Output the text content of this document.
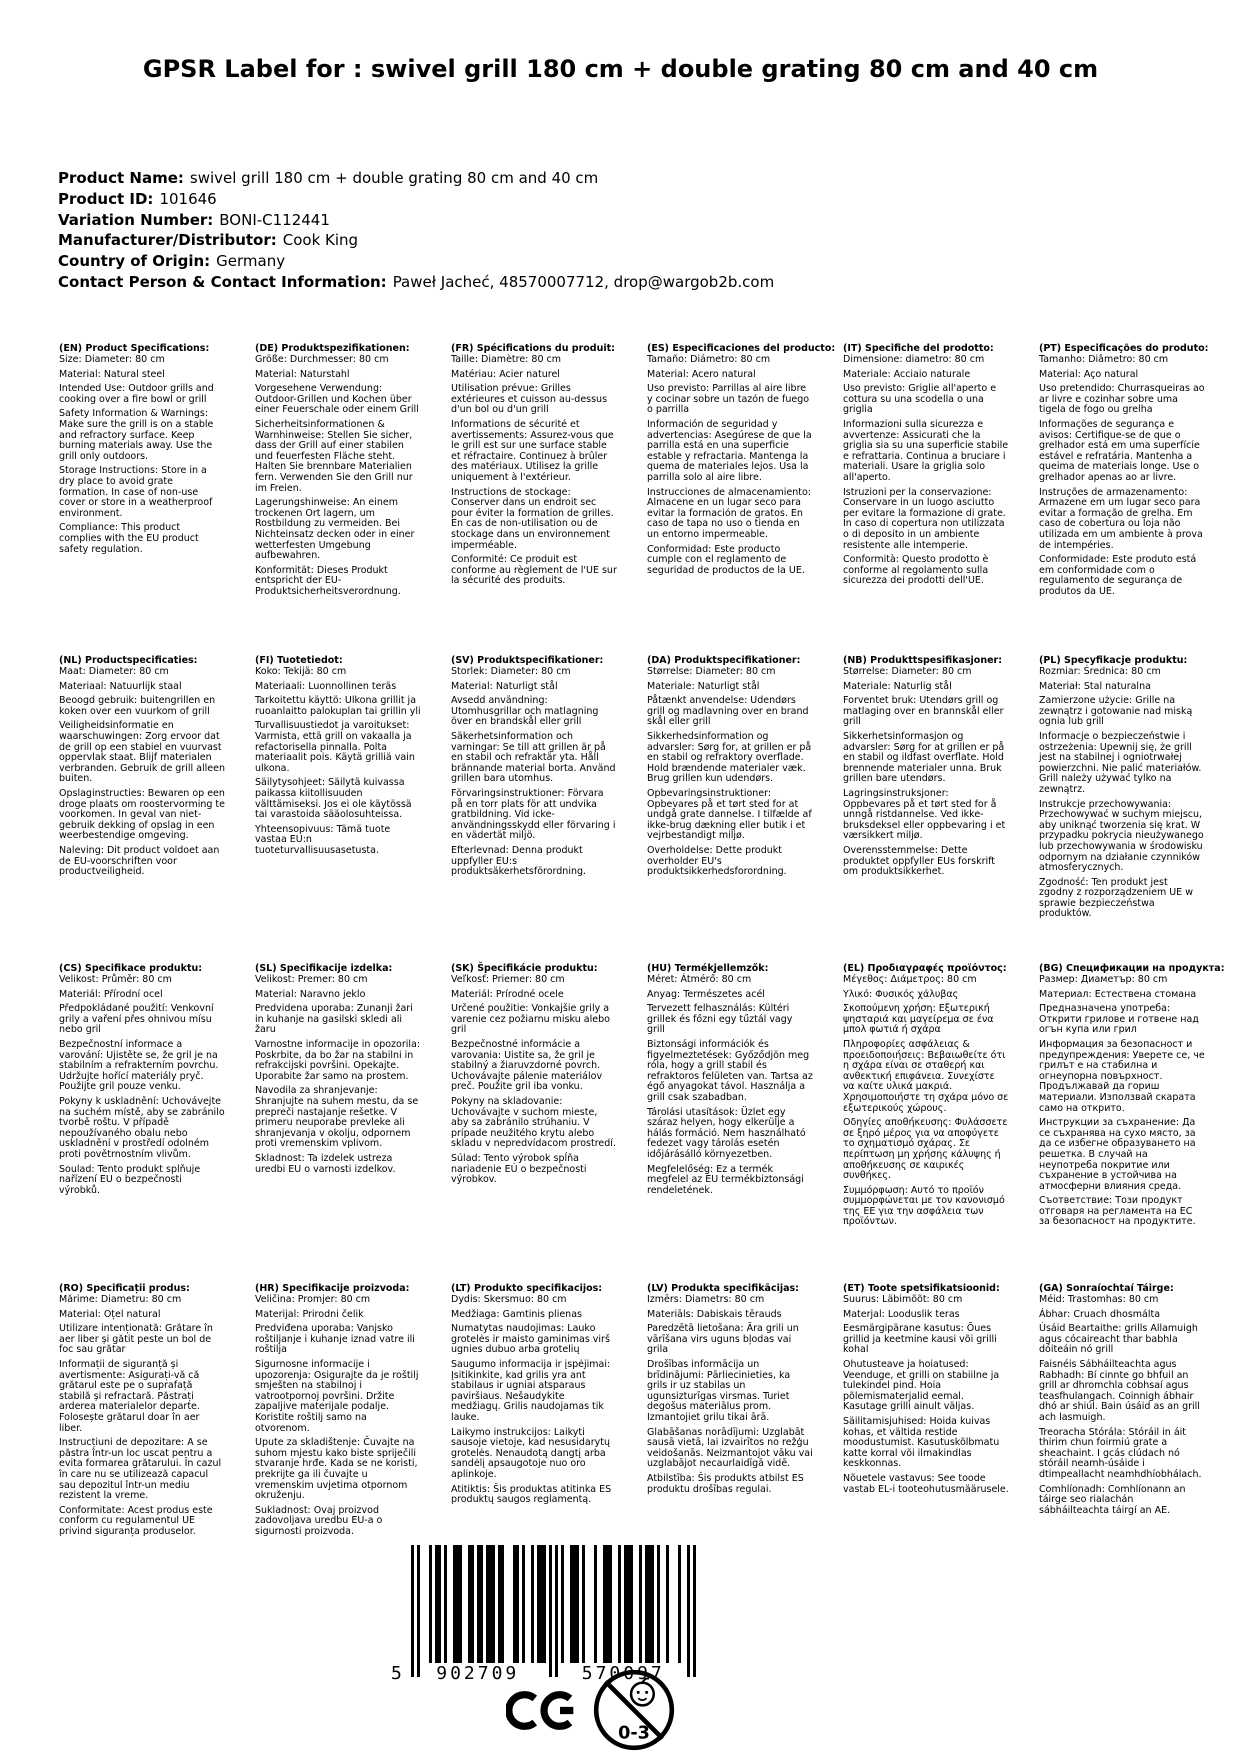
GPSR Label for : swivel grill 180 cm + double grating 80 cm and 40 cm
Product Name: swivel grill 180 cm + double grating 80 cm and 40 cm
Product ID: 101646
Variation Number: BONI-C112441
Manufacturer/Distributor: Cook King
Country of Origin: Germany
Contact Person & Contact Information: Paweł Jacheć, 48570007712, drop@wargob2b.com
(EN) Product Specifications:

Size: Diameter: 80 cm

Material: Natural steel

Intended Use: Outdoor grills and cooking over a fire bowl or grill

Safety Information & Warnings: Make sure the grill is on a stable and refractory surface. Keep burning materials away. Use the grill only outdoors.

Storage Instructions: Store in a dry place to avoid grate formation. In case of non-use cover or store in a weatherproof environment.

Compliance: This product complies with the EU product safety regulation.

(DE) Produktspezifikationen:

Größe: Durchmesser: 80 cm

Material: Naturstahl

Vorgesehene Verwendung: Outdoor-Grillen und Kochen über einer Feuerschale oder einem Grill

Sicherheitsinformationen & Warnhinweise: Stellen Sie sicher, dass der Grill auf einer stabilen und feuerfesten Fläche steht. Halten Sie brennbare Materialien fern. Verwenden Sie den Grill nur im Freien.

Lagerungshinweise: An einem trockenen Ort lagern, um Rostbildung zu vermeiden. Bei Nichteinsatz decken oder in einer wetterfesten Umgebung aufbewahren.

Konformität: Dieses Produkt entspricht der EU-Produktsicherheitsverordnung.

(FR) Spécifications du produit:

Taille: Diamètre: 80 cm

Matériau: Acier naturel

Utilisation prévue: Grilles extérieures et cuisson au-dessus d'un bol ou d'un grill

Informations de sécurité et avertissements: Assurez-vous que le grill est sur une surface stable et réfractaire. Continuez à brûler des matériaux. Utilisez la grille uniquement à l'extérieur.

Instructions de stockage: Conserver dans un endroit sec pour éviter la formation de grilles. En cas de non-utilisation ou de stockage dans un environnement imperméable.

Conformité: Ce produit est conforme au règlement de l'UE sur la sécurité des produits.

(ES) Especificaciones del producto:

Tamaño: Diámetro: 80 cm

Material: Acero natural

Uso previsto: Parrillas al aire libre y cocinar sobre un tazón de fuego o parrilla

Información de seguridad y advertencias: Asegúrese de que la parrilla está en una superficie estable y refractaria. Mantenga la quema de materiales lejos. Usa la parrilla solo al aire libre.

Instrucciones de almacenamiento: Almacene en un lugar seco para evitar la formación de gratos. En caso de tapa no uso o tienda en un entorno impermeable.

Conformidad: Este producto cumple con el reglamento de seguridad de productos de la UE.

(IT) Specifiche del prodotto:

Dimensione: diametro: 80 cm

Materiale: Acciaio naturale

Uso previsto: Griglie all'aperto e cottura su una scodella o una griglia

Informazioni sulla sicurezza e avvertenze: Assicurati che la griglia sia su una superficie stabile e refrattaria. Continua a bruciare i materiali. Usare la griglia solo all'aperto.

Istruzioni per la conservazione: Conservare in un luogo asciutto per evitare la formazione di grate. In caso di copertura non utilizzata o di deposito in un ambiente resistente alle intemperie.

Conformità: Questo prodotto è conforme al regolamento sulla sicurezza dei prodotti dell'UE.

(PT) Especificações do produto:

Tamanho: Diâmetro: 80 cm

Material: Aço natural

Uso pretendido: Churrasqueiras ao ar livre e cozinhar sobre uma tigela de fogo ou grelha

Informações de segurança e avisos: Certifique-se de que o grelhador está em uma superfície estável e refratária. Mantenha a queima de materiais longe. Use o grelhador apenas ao ar livre.

Instruções de armazenamento: Armazene em um lugar seco para evitar a formação de grelha. Em caso de cobertura ou loja não utilizada em um ambiente à prova de intempéries.

Conformidade: Este produto está em conformidade com o regulamento de segurança de produtos da UE.

(NL) Productspecificaties:

Maat: Diameter: 80 cm

Materiaal: Natuurlijk staal

Beoogd gebruik: buitengrillen en koken over een vuurkom of grill

Veiligheidsinformatie en waarschuwingen: Zorg ervoor dat de grill op een stabiel en vuurvast oppervlak staat. Blijf materialen verbranden. Gebruik de grill alleen buiten.

Opslaginstructies: Bewaren op een droge plaats om roostervorming te voorkomen. In geval van niet-gebruik dekking of opslag in een weerbestendige omgeving.

Naleving: Dit product voldoet aan de EU-voorschriften voor productveiligheid.

(FI) Tuotetiedot:

Koko: Tekijä: 80 cm

Materiaali: Luonnollinen teräs

Tarkoitettu käyttö: Ulkona grillit ja ruoanlaitto palokuplan tai grillin yli

Turvallisuustiedot ja varoitukset: Varmista, että grill on vakaalla ja refactorisella pinnalla. Polta materiaalit pois. Käytä grilliä vain ulkona.

Säilytysohjeet: Säilytä kuivassa paikassa kiitollisuuden välttämiseksi. Jos ei ole käytössä tai varastoida sääolosuhteissa.

Yhteensopivuus: Tämä tuote vastaa EU:n tuoteturvallisuusasetusta.

(SV) Produktspecifikationer:

Storlek: Diameter: 80 cm

Material: Naturligt stål

Avsedd användning: Utomhusgrillar och matlagning över en brandskål eller grill

Säkerhetsinformation och varningar: Se till att grillen är på en stabil och refraktär yta. Håll brännande material borta. Använd grillen bara utomhus.

Förvaringsinstruktioner: Förvara på en torr plats för att undvika gratbildning. Vid icke-användningsskydd eller förvaring i en vädertät miljö.

Efterlevnad: Denna produkt uppfyller EU:s produktsäkerhetsförordning.

(DA) Produktspecifikationer:

Størrelse: Diameter: 80 cm

Materiale: Naturligt stål

Påtænkt anvendelse: Udendørs grill og madlavning over en brand skål eller grill

Sikkerhedsinformation og advarsler: Sørg for, at grillen er på en stabil og refraktory overflade. Hold brændende materialer væk. Brug grillen kun udendørs.

Opbevaringsinstruktioner: Opbevares på et tørt sted for at undgå grate dannelse. I tilfælde af ikke-brug dækning eller butik i et vejrbestandigt miljø.

Overholdelse: Dette produkt overholder EU's produktsikkerhedsforordning.

(NB) Produkttspesifikasjoner:

Størrelse: Diameter: 80 cm

Materiale: Naturlig stål

Forventet bruk: Utendørs grill og matlaging over en brannskål eller grill

Sikkerhetsinformasjon og advarsler: Sørg for at grillen er på en stabil og ildfast overflate. Hold brennende materialer unna. Bruk grillen bare utendørs.

Lagringsinstruksjoner: Oppbevares på et tørt sted for å unngå ristdannelse. Ved ikke-bruksdeksel eller oppbevaring i et værsikkert miljø.

Overensstemmelse: Dette produktet oppfyller EUs forskrift om produktsikkerhet.

(PL) Specyfikacje produktu:

Rozmiar: Średnica: 80 cm

Materiał: Stal naturalna

Zamierzone użycie: Grille na zewnątrz i gotowanie nad miską ognia lub grill

Informacje o bezpieczeństwie i ostrzeżenia: Upewnij się, że grill jest na stabilnej i ogniotrwałej powierzchni. Nie palić materiałów. Grill należy używać tylko na zewnątrz.

Instrukcje przechowywania: Przechowywać w suchym miejscu, aby uniknąć tworzenia się krat. W przypadku pokrycia nieużywanego lub przechowywania w środowisku odpornym na działanie czynników atmosferycznych.

Zgodność: Ten produkt jest zgodny z rozporządzeniem UE w sprawie bezpieczeństwa produktów.

(CS) Specifikace produktu:

Velikost: Průměr: 80 cm

Materiál: Přírodní ocel

Předpokládané použití: Venkovní grily a vaření přes ohnivou mísu nebo gril

Bezpečnostní informace a varování: Ujistěte se, že gril je na stabilním a refrakterním povrchu. Udržujte hořící materiály pryč. Použijte gril pouze venku.

Pokyny k uskladnění: Uchovávejte na suchém místě, aby se zabránilo tvorbě roštu. V případě nepoužívaného obalu nebo uskladnění v prostředí odolném proti povětrnostním vlivům.

Soulad: Tento produkt splňuje nařízení EU o bezpečnosti výrobků.

(SL) Specifikacije izdelka:

Velikost: Premer: 80 cm

Material: Naravno jeklo

Predvidena uporaba: Zunanji žari in kuhanje na gasilski skledi ali žaru

Varnostne informacije in opozorila: Poskrbite, da bo žar na stabilni in refrakcijski površini. Opekajte. Uporabite žar samo na prostem.

Navodila za shranjevanje: Shranjujte na suhem mestu, da se prepreči nastajanje rešetke. V primeru neuporabe prevleke ali shranjevanja v okolju, odpornem proti vremenskim vplivom.

Skladnost: Ta izdelek ustreza uredbi EU o varnosti izdelkov.

(SK) Špecifikácie produktu:

Veľkosť: Priemer: 80 cm

Materiál: Prírodné ocele

Určené použitie: Vonkajšie grily a varenie cez požiarnu misku alebo gril

Bezpečnostné informácie a varovania: Uistite sa, že gril je stabilný a žiaruvzdorné povrch. Uchovávajte pálenie materiálov preč. Použite gril iba vonku.

Pokyny na skladovanie: Uchovávajte v suchom mieste, aby sa zabránilo strúhaniu. V prípade neužitého krytu alebo skladu v nepredvídacom prostredí.

Súlad: Tento výrobok spĺňa nariadenie EÚ o bezpečnosti výrobkov.

(HU) Termékjellemzők:

Méret: Átmérő: 80 cm

Anyag: Természetes acél

Tervezett felhasználás: Kültéri grillek és főzni egy tűztál vagy grill

Biztonsági információk és figyelmeztetések: Győződjön meg róla, hogy a grill stabil és refraktoros felületen van. Tartsa az égő anyagokat távol. Használja a grill csak szabadban.

Tárolási utasítások: Üzlet egy száraz helyen, hogy elkerülje a hálás formáció. Nem használható fedezet vagy tárolás esetén időjárásálló környezetben.

Megfelelőség: Ez a termék megfelel az EU termékbiztonsági rendeletének.

(EL) Προδιαγραφές προϊόντος:

Μέγεθος: Διάμετρος: 80 cm

Υλικό: Φυσικός χάλυβας

Σκοπούμενη χρήση: Εξωτερική ψησταριά και μαγείρεμα σε ένα μπολ φωτιά ή σχάρα

Πληροφορίες ασφάλειας & προειδοποιήσεις: Βεβαιωθείτε ότι η σχάρα είναι σε σταθερή και ανθεκτική επιφάνεια. Συνεχίστε να καίτε υλικά μακριά. Χρησιμοποιήστε τη σχάρα μόνο σε εξωτερικούς χώρους.

Οδηγίες αποθήκευσης: Φυλάσσετε σε ξηρό μέρος για να αποφύγετε το σχηματισμό σχάρας. Σε περίπτωση μη χρήσης κάλυψης ή αποθήκευσης σε καιρικές συνθήκες.

Συμμόρφωση: Αυτό το προϊόν συμμορφώνεται με τον κανονισμό της ΕΕ για την ασφάλεια των προϊόντων.

(BG) Спецификации на продукта:

Размер: Диаметър: 80 cm

Материал: Естествена стомана

Предназначена употреба: Открити грилове и готвене над огън купа или грил

Информация за безопасност и предупреждения: Уверете се, че грилът е на стабилна и огнеупорна повърхност. Продължавай да гориш материали. Използвай скарата само на открито.

Инструкции за съхранение: Да се съхранява на сухо място, за да се избегне образуването на решетка. В случай на неупотреба покритие или съхранение в устойчива на атмосферни влияния среда.

Съответствие: Този продукт отговаря на регламента на ЕС за безопасност на продуктите.

(RO) Specificații produs:

Mărime: Diametru: 80 cm

Material: Oțel natural

Utilizare intenționată: Grătare în aer liber și gătit peste un bol de foc sau grătar

Informații de siguranță și avertismente: Asigurați-vă că grătarul este pe o suprafață stabilă și refractară. Păstrați arderea materialelor departe. Folosește grătarul doar în aer liber.

Instrucțiuni de depozitare: A se păstra într-un loc uscat pentru a evita formarea grătarului. În cazul în care nu se utilizează capacul sau depozitul într-un mediu rezistent la vreme.

Conformitate: Acest produs este conform cu regulamentul UE privind siguranța produselor.

(HR) Specifikacije proizvoda:

Veličina: Promjer: 80 cm

Materijal: Prirodni čelik

Predviđena uporaba: Vanjsko roštiljanje i kuhanje iznad vatre ili roštilja

Sigurnosne informacije i upozorenja: Osigurajte da je roštilj smješten na stabilnoj i vatrootpornoj površini. Držite zapaljive materijale podalje. Koristite roštilj samo na otvorenom.

Upute za skladištenje: Čuvajte na suhom mjestu kako biste spriječili stvaranje hrđe. Kada se ne koristi, prekrijte ga ili čuvajte u vremenskim uvjetima otpornom okruženju.

Sukladnost: Ovaj proizvod zadovoljava uredbu EU-a o sigurnosti proizvoda.

(LT) Produkto specifikacijos:

Dydis: Skersmuo: 80 cm

Medžiaga: Gamtinis plienas

Numatytas naudojimas: Lauko grotelės ir maisto gaminimas virš ugnies dubuo arba grotelių

Saugumo informacija ir įspėjimai: Įsitikinkite, kad grilis yra ant stabilaus ir ugniai atsparaus paviršiaus. Nešaudykite medžiagų. Grilis naudojamas tik lauke.

Laikymo instrukcijos: Laikyti sausoje vietoje, kad nesusidarytų grotelės. Nenaudotą dangtį arba sandėlį apsaugotoje nuo oro aplinkoje.

Atitiktis: Šis produktas atitinka ES produktų saugos reglamentą.

(LV) Produkta specifikācijas:

Izmērs: Diametrs: 80 cm

Materiāls: Dabiskais tērauds

Paredzētā lietošana: Āra grili un vārīšana virs uguns bļodas vai grila

Drošības informācija un brīdinājumi: Pārliecinieties, ka grils ir uz stabilas un ugunsizturīgas virsmas. Turiet degošus materiālus prom. Izmantojiet grilu tikai ārā.

Glabāšanas norādījumi: Uzglabāt sausā vietā, lai izvairītos no režģu veidošanās. Neizmantojot vāku vai uzglabājot necaurlaidīgā vidē.

Atbilstība: Šis produkts atbilst ES produktu drošības regulai.

(ET) Toote spetsifikatsioonid:

Suurus: Läbimõõt: 80 cm

Materjal: Looduslik teras

Eesmärgipärane kasutus: Õues grillid ja keetmine kausi või grilli kohal

Ohutusteave ja hoiatused: Veenduge, et grilli on stabiilne ja tulekindel pind. Hoia põlemismaterjalid eemal. Kasutage grilli ainult väljas.

Säilitamisjuhised: Hoida kuivas kohas, et vältida restide moodustumist. Kasutuskõlbmatu katte korral või ilmakindlas keskkonnas.

Nõuetele vastavus: See toode vastab EL-i tooteohutusmäärusele.

(GA) Sonraíochtaí Táirge:

Méid: Trastomhas: 80 cm

Ábhar: Cruach dhosmálta

Úsáid Beartaithe: grills Allamuigh agus cócaireacht thar babhla dóiteáin nó grill

Faisnéis Sábháilteachta agus Rabhadh: Bí cinnte go bhfuil an grill ar dhromchla cobhsaí agus teasfhulangach. Coinnigh ábhair dhó ar shiúl. Bain úsáid as an grill ach lasmuigh.

Treoracha Stórála: Stóráil in áit thirim chun foirmiú grate a sheachaint. I gcás clúdach nó stóráil neamh-úsáide i dtimpeallacht neamhdhíobhálach.

Comhlíonadh: Comhlíonann an táirge seo rialachán sábháilteachta táirgí an AE.

5	902709	570097
0-3
